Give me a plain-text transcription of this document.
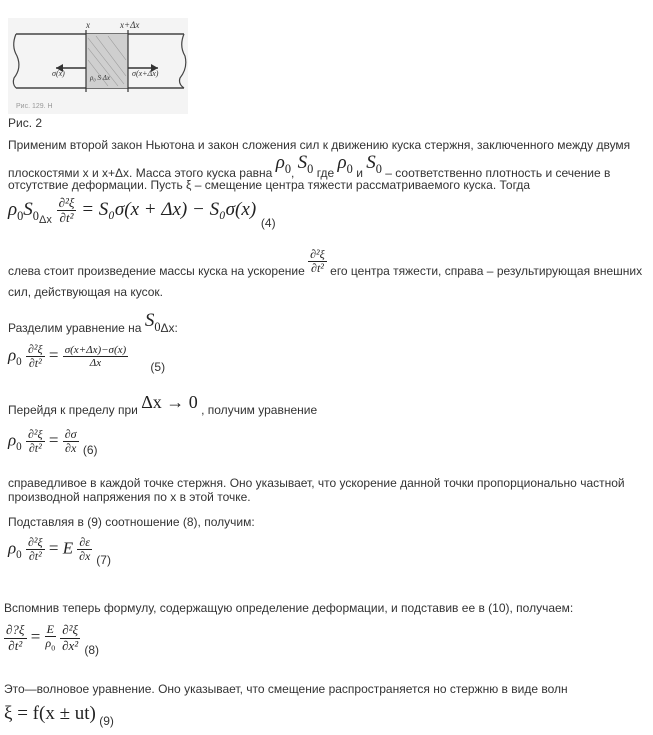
x	x+Δx
σ(x)	ρ₀ S Δx	σ(x+Δx)
Рис. 129. Н
Рис. 2
Применим второй закон Ньютона и закон сложения сил к движению куска стержня, заключенного между двумя
плоскостями x и x+Δx. Масса этого куска равна $\rho_0$, $S_0$ где $\rho_0$ и $S_0$ – соответственно плотность и сечение в
отсутствие деформации. Пусть ξ – смещение центра тяжести рассматриваемого куска. Тогда
$\rho_0S_{0\Delta x} \frac{\text{∂²ξ}}{\text{∂t²}} = S_0\sigma(x + \Delta x) - S_0\sigma(x)$ $_{(4)}$
слева стоит произведение массы куска на ускорение $\frac{\text{∂²ξ}}{\text{∂t²}}$ его центра тяжести, справа – результирующая внешних
сил, действующая на кусок.
Разделим уравнение на $S_0\Delta x$:
$\rho_0 \frac{\text{∂²ξ}}{\text{∂t²}} = \frac{\sigma(x+\Delta x)-\sigma(x)}{\Delta x} _{(5)}$
Перейдя к пределу при Δx → 0 , получим уравнение
$\rho_0 \frac{\text{∂²ξ}}{\text{∂t²}} = \frac{\partial\sigma}{\partial x} _{(6)}$
справедливое в каждой точке стержня. Оно указывает, что ускорение данной точки пропорционально частной
производной напряжения по x в этой точке.
Подставляя в (9) соотношение (8), получим:
$\rho_0 \frac{\text{∂²ξ}}{\text{∂t²}} = E \frac{\partial\varepsilon}{\partial x} _{(7)}$
Вспомнив теперь формулу, содержащую определение деформации, и подставив ее в (10), получаем:
$\frac{\partial?\xi}{\text{∂t²}} = \frac{E}{\rho_0}$
$\frac{\text{∂²ξ}}{\text{∂x²}} _{(8)}$
Это—волновое уравнение. Оно указывает, что смещение распространяется но стержню в виде волн
ξ = f(x ± ut) (9)
